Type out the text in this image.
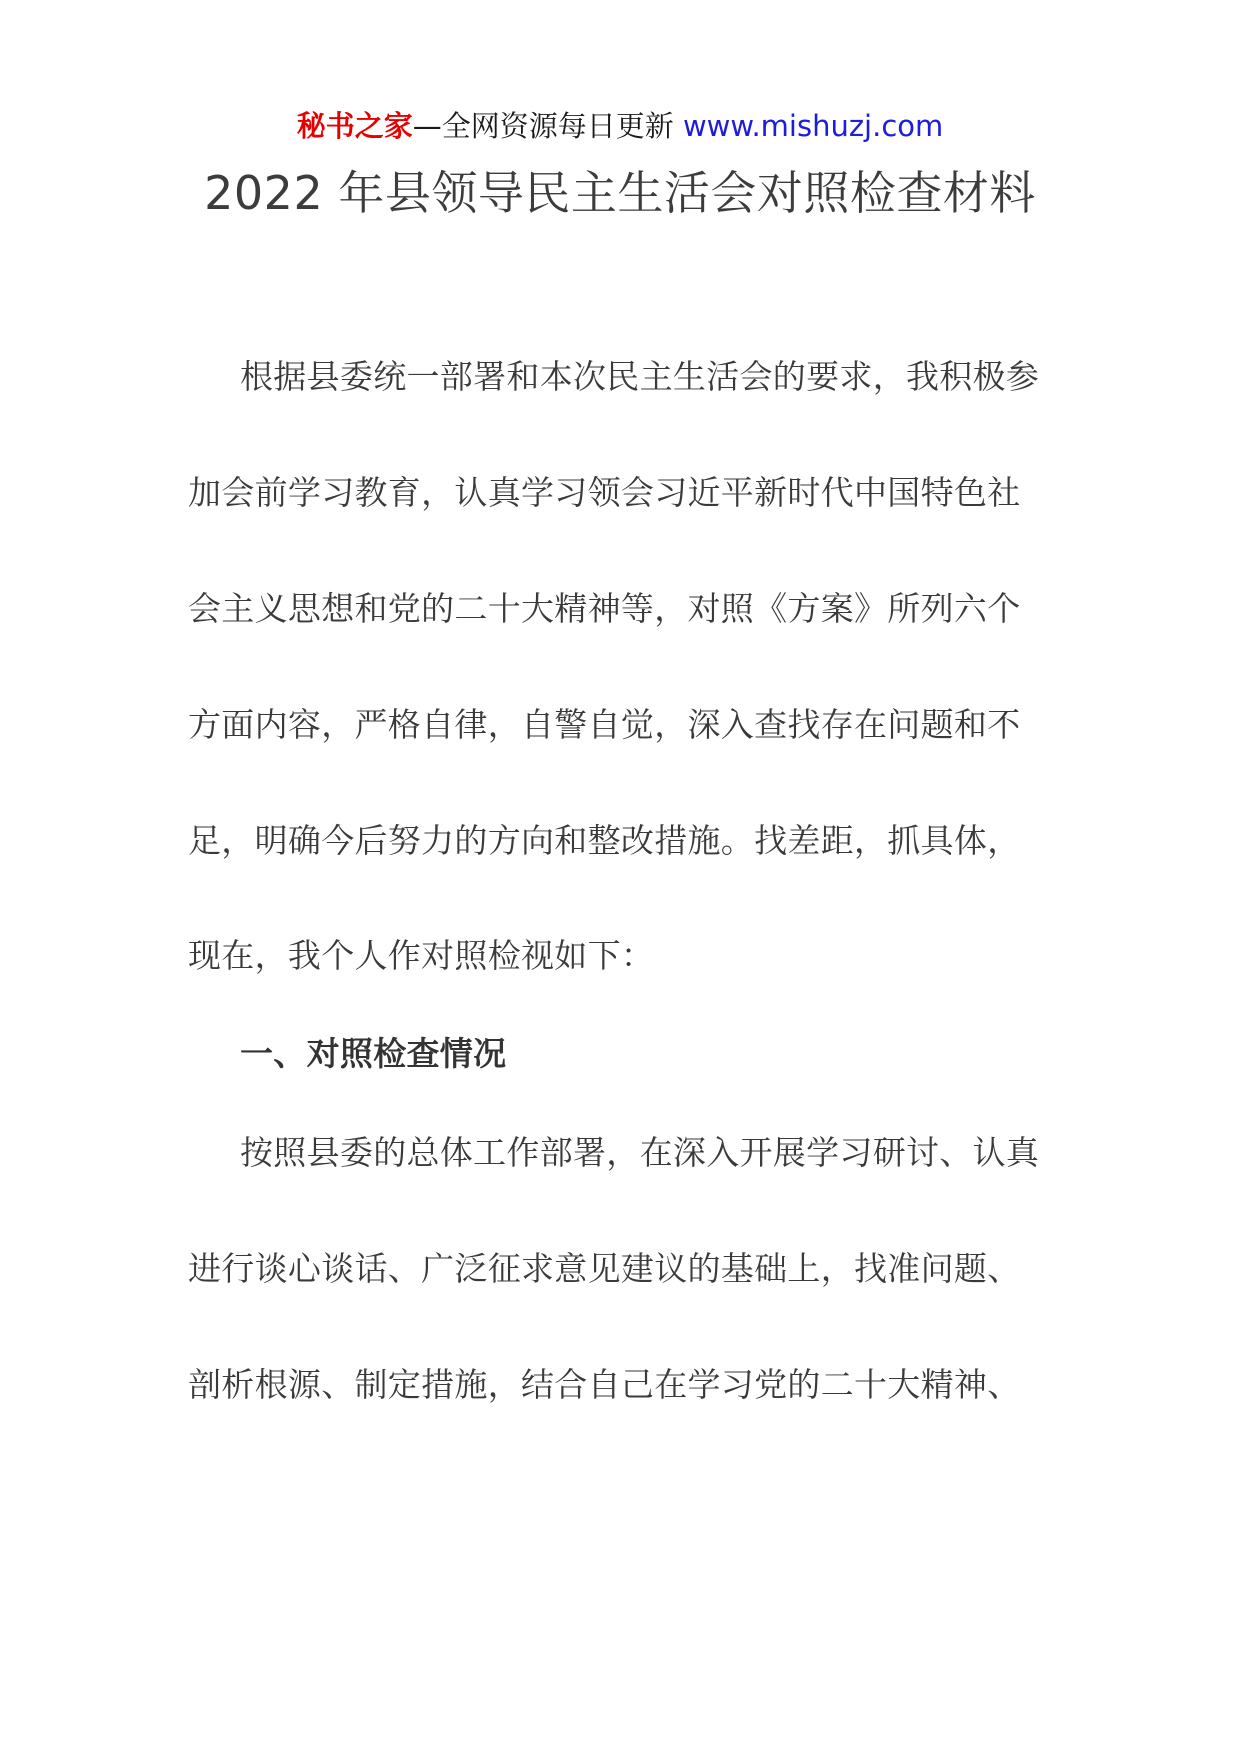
秘书之家—全网资源每日更新 www.mishuzj.com
2022 年县领导民主生活会对照检查材料
根据县委统一部署和本次民主生活会的要求，我积极参
加会前学习教育，认真学习领会习近平新时代中国特色社
会主义思想和党的二十大精神等，对照《方案》所列六个
方面内容，严格自律，自警自觉，深入查找存在问题和不
足，明确今后努力的方向和整改措施。找差距，抓具体，
现在，我个人作对照检视如下：
一、对照检查情况
按照县委的总体工作部署，在深入开展学习研讨、认真
进行谈心谈话、广泛征求意见建议的基础上，找准问题、
剖析根源、制定措施，结合自己在学习党的二十大精神、
